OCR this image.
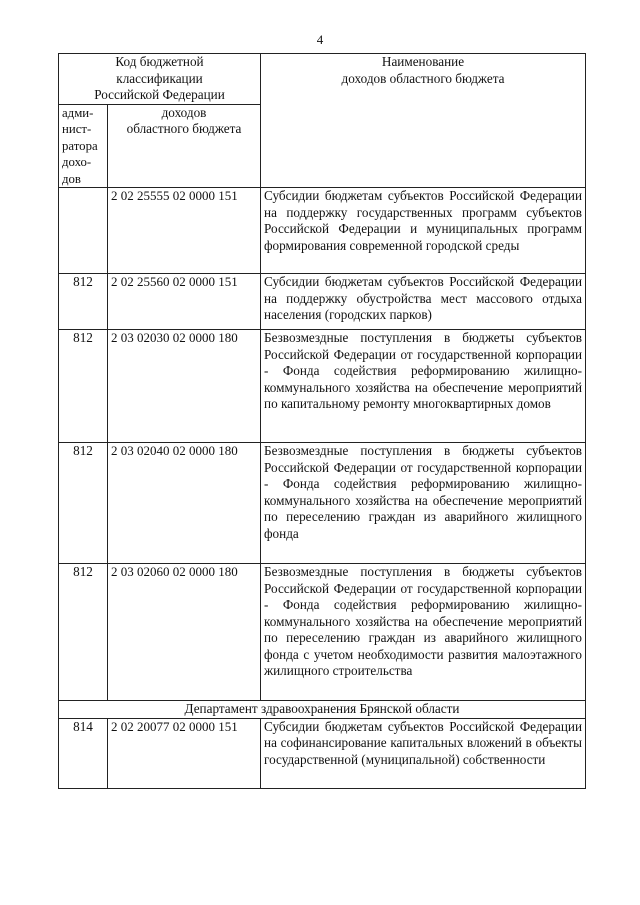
4
Код бюджетной
классификации
Российской Федерации		Наименование
доходов областного бюджета
адми-
нист-
ратора
дохо-
дов	доходов
областного бюджета	
	2 02 25555 02 0000 151	Субсидии бюджетам субъектов Российской Федерации на поддержку государственных программ субъектов Российской Федерации и муниципальных программ формирования современной городской среды
812	2 02 25560 02 0000 151	Субсидии бюджетам субъектов Российской Федерации на поддержку обустройства мест массового отдыха населения (городских парков)
812	2 03 02030 02 0000 180	Безвозмездные поступления в бюджеты субъектов Российской Федерации от государственной корпорации - Фонда содействия реформированию жилищно-коммунального хозяйства на обеспечение мероприятий по капитальному ремонту многоквартирных домов
812	2 03 02040 02 0000 180	Безвозмездные поступления в бюджеты субъектов Российской Федерации от государственной корпорации - Фонда содействия реформированию жилищно-коммунального хозяйства на обеспечение мероприятий по переселению граждан из аварийного жилищного фонда
812	2 03 02060 02 0000 180	Безвозмездные поступления в бюджеты субъектов Российской Федерации от государственной корпорации - Фонда содействия реформированию жилищно-коммунального хозяйства на обеспечение мероприятий по переселению граждан из аварийного жилищного фонда с учетом необходимости развития малоэтажного жилищного строительства
Департамент здравоохранения Брянской области		
814	2 02 20077 02 0000 151	Субсидии бюджетам субъектов Российской Федерации на софинансирование капитальных вложений в объекты государственной (муниципальной) собственности
